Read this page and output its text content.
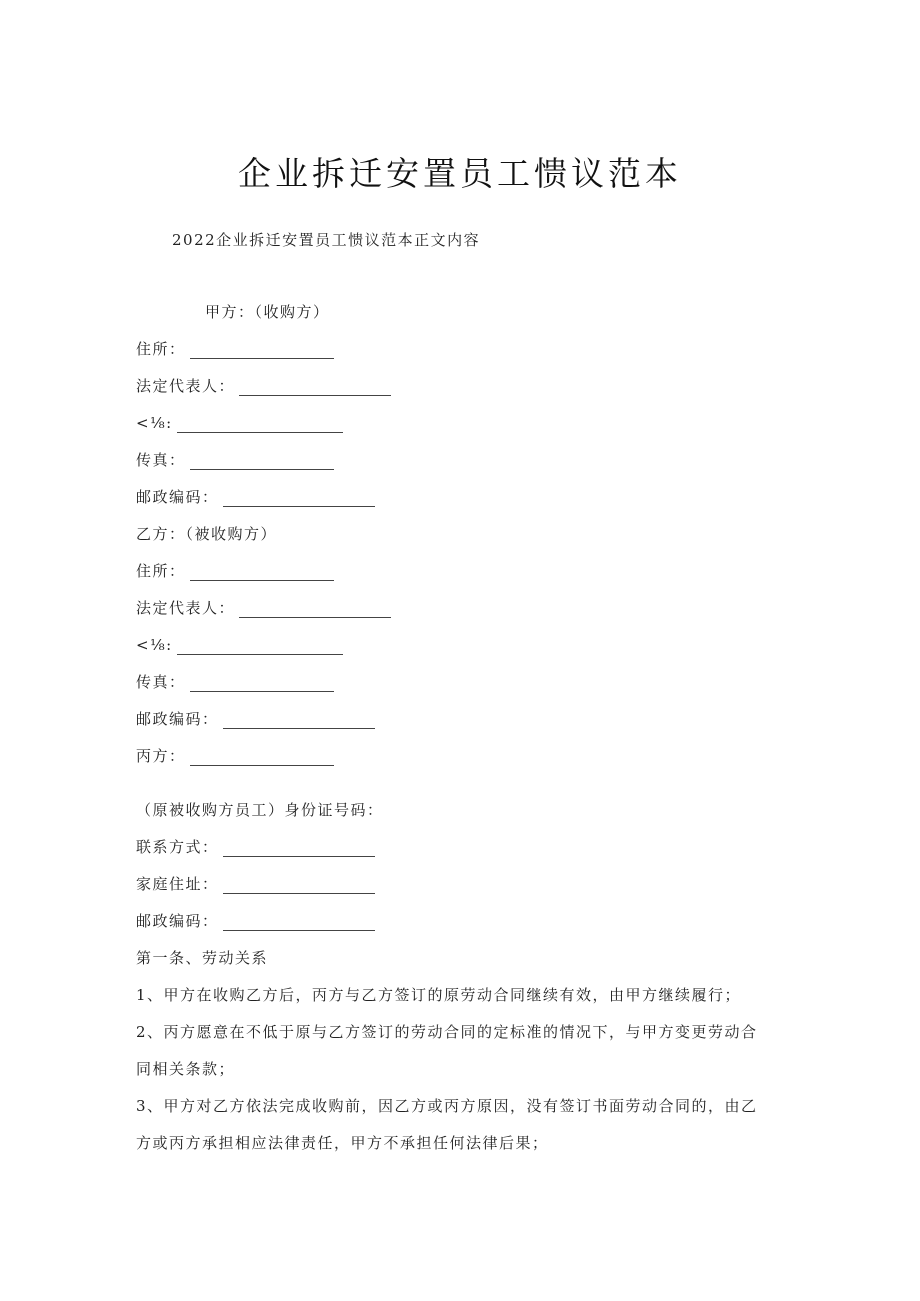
企业拆迁安置员工愦议范本
2022企业拆迁安置员工愦议范本正文内容
甲方：（收购方）
住所：
法定代表人：
<⅛:
传真：
邮政编码：
乙方：（被收购方）
住所：
法定代表人：
<⅛:
传真：
邮政编码：
丙方：
（原被收购方员工）身份证号码：
联系方式：
家庭住址：
邮政编码：
第一条、劳动关系
1、甲方在收购乙方后，丙方与乙方签订的原劳动合同继续有效，由甲方继续履行；
2、丙方愿意在不低于原与乙方签订的劳动合同的定标准的情况下，与甲方变更劳动合
同相关条款；
3、甲方对乙方依法完成收购前，因乙方或丙方原因，没有签订书面劳动合同的，由乙
方或丙方承担相应法律责任，甲方不承担任何法律后果；
